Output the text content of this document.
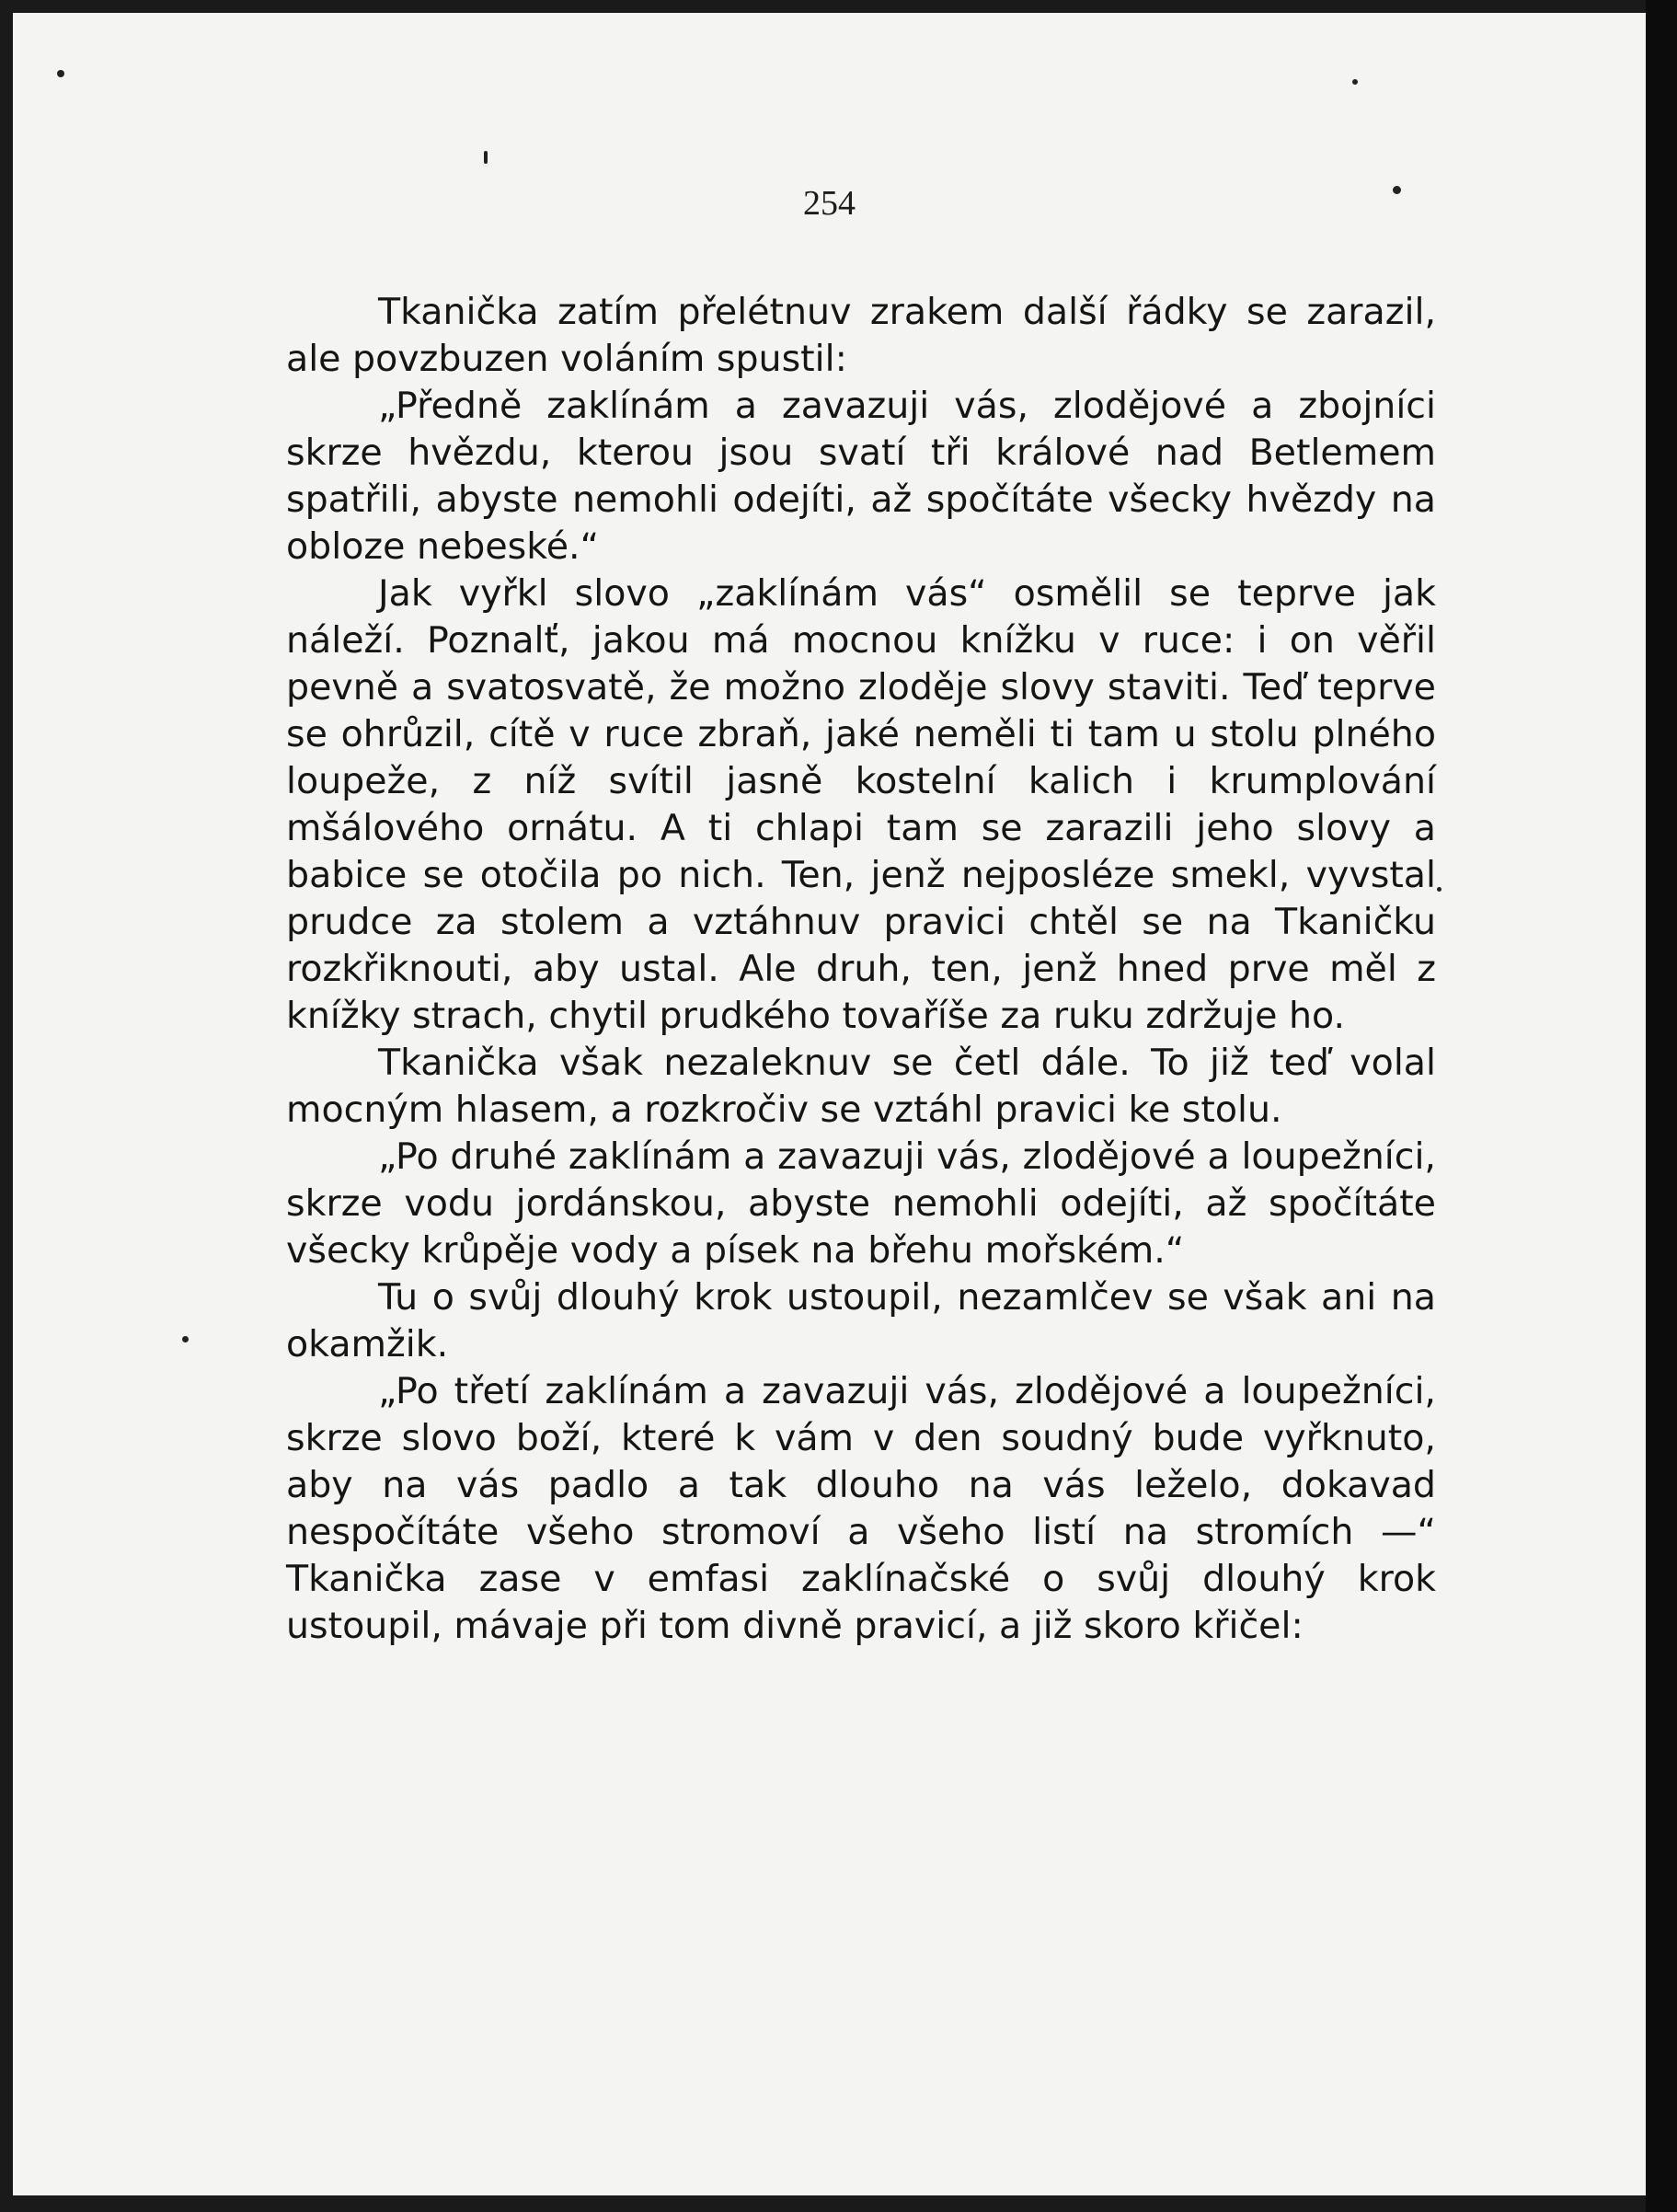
254

Tkanička zatím přelétnuv zrakem další řádky se zarazil, ale povzbuzen voláním spustil:

„Předně zaklínám a zavazuji vás, zlodějové a zbojníci skrze hvězdu, kterou jsou svatí tři králové nad Betlemem spatřili, abyste nemohli odejíti, až spočítáte všecky hvězdy na obloze nebeské.“

Jak vyřkl slovo „zaklínám vás“ osmělil se teprve jak náleží. Poznalť, jakou má mocnou knížku v ruce: i on věřil pevně a svatosvatě, že možno zloděje slovy staviti. Teď teprve se ohrůzil, cítě v ruce zbraň, jaké neměli ti tam u stolu plného loupeže, z níž svítil jasně kostelní kalich i krumplování mšálového ornátu. A ti chlapi tam se zarazili jeho slovy a babice se otočila po nich. Ten, jenž nejposléze smekl, vyvstal prudce za stolem a vztáhnuv pravici chtěl se na Tkaničku rozkřiknouti, aby ustal. Ale druh, ten, jenž hned prve měl z knížky strach, chytil prudkého tovaříše za ruku zdržuje ho.

Tkanička však nezaleknuv se četl dále. To již teď volal mocným hlasem, a rozkročiv se vztáhl pravici ke stolu.

„Po druhé zaklínám a zavazuji vás, zlodějové a loupežníci, skrze vodu jordánskou, abyste nemohli odejíti, až spočítáte všecky krůpěje vody a písek na břehu mořském.“

Tu o svůj dlouhý krok ustoupil, nezamlčev se však ani na okamžik.

„Po třetí zaklínám a zavazuji vás, zlodějové a loupežníci, skrze slovo boží, které k vám v den soudný bude vyřknuto, aby na vás padlo a tak dlouho na vás leželo, dokavad nespočítáte všeho stromoví a všeho listí na stromích —“ Tkanička zase v emfasi zaklínačské o svůj dlouhý krok ustoupil, mávaje při tom divně pravicí, a již skoro křičel:
